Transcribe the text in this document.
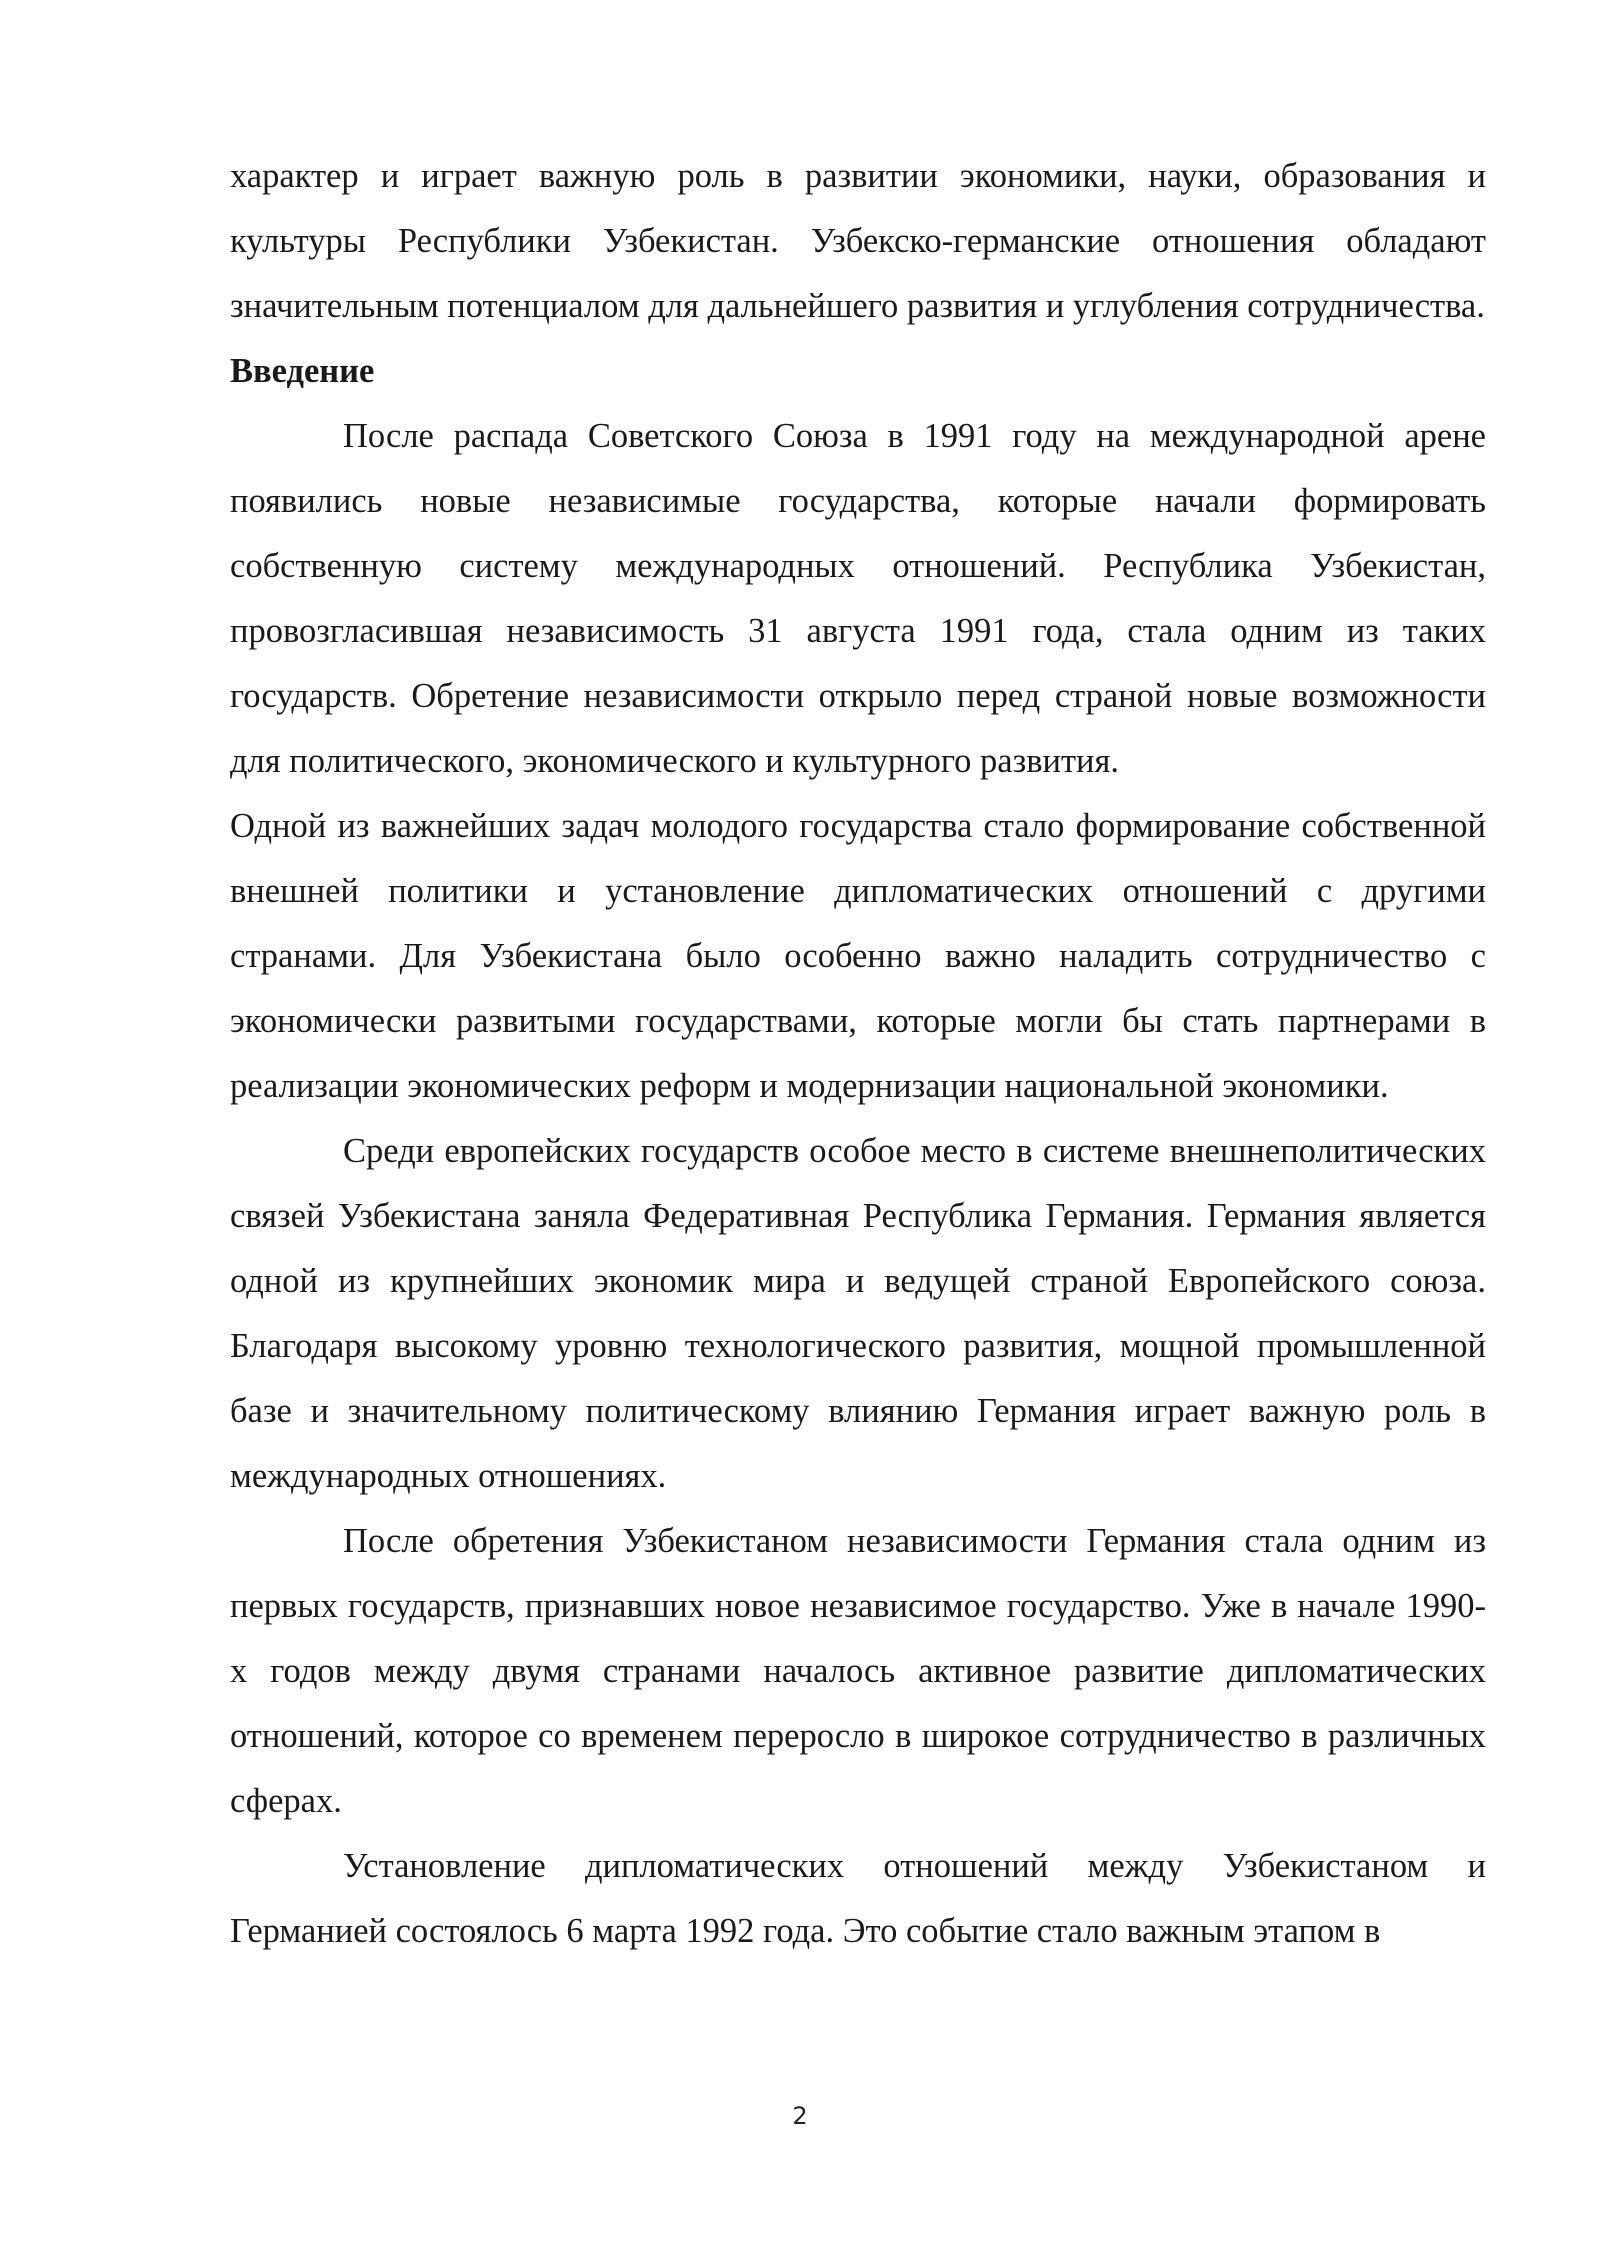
характер и играет важную роль в развитии экономики, науки, образования и культуры Республики Узбекистан. Узбекско-германские отношения обладают значительным потенциалом для дальнейшего развития и углубления сотрудничества.

Введение

После распада Советского Союза в 1991 году на международной арене появились новые независимые государства, которые начали формировать собственную систему международных отношений. Республика Узбекистан, провозгласившая независимость 31 августа 1991 года, стала одним из таких государств. Обретение независимости открыло перед страной новые возможности для политического, экономического и культурного развития.

Одной из важнейших задач молодого государства стало формирование собственной внешней политики и установление дипломатических отношений с другими странами. Для Узбекистана было особенно важно наладить сотрудничество с экономически развитыми государствами, которые могли бы стать партнерами в реализации экономических реформ и модернизации национальной экономики.

Среди европейских государств особое место в системе внешнеполитических связей Узбекистана заняла Федеративная Республика Германия. Германия является одной из крупнейших экономик мира и ведущей страной Европейского союза. Благодаря высокому уровню технологического развития, мощной промышленной базе и значительному политическому влиянию Германия играет важную роль в международных отношениях.

После обретения Узбекистаном независимости Германия стала одним из первых государств, признавших новое независимое государство. Уже в начале 1990-х годов между двумя странами началось активное развитие дипломатических отношений, которое со временем переросло в широкое сотрудничество в различных сферах.

Установление дипломатических отношений между Узбекистаном и Германией состоялось 6 марта 1992 года. Это событие стало важным этапом в

2
